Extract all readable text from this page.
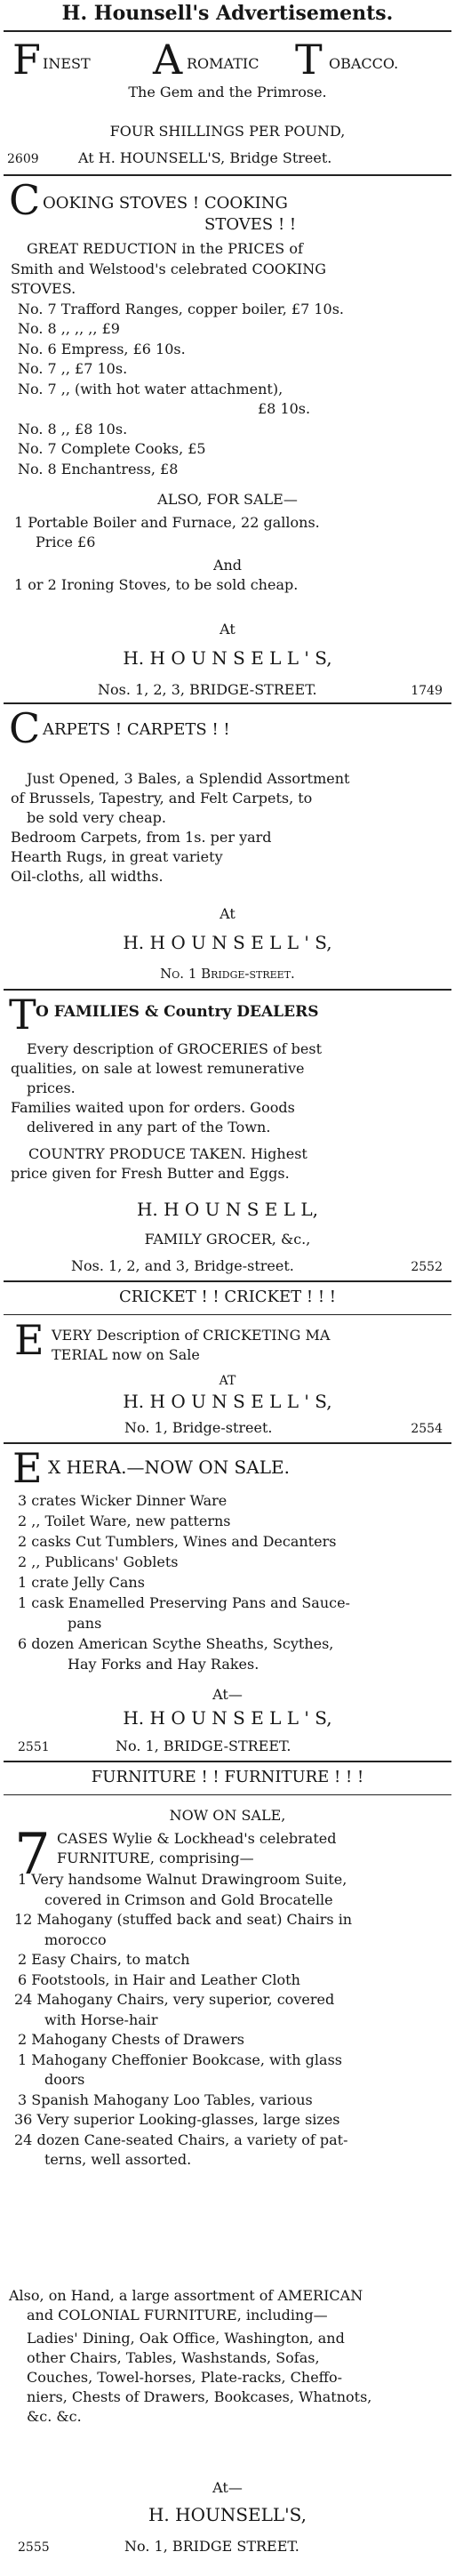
H. Hounsell's Advertisements.
F INEST A ROMATIC T OBACCO.
The Gem and the Primrose.
FOUR SHILLINGS PER POUND,
2609	At H. HOUNSELL'S, Bridge Street.
C OOKING STOVES ! COOKING
STOVES ! !
GREAT REDUCTION in the PRICES of
Smith and Welstood's celebrated COOKING
STOVES.
No. 7 Trafford Ranges, copper boiler, £7 10s.
No. 8 ,, ,, ,, £9
No. 6 Empress, £6 10s.
No. 7 ,, £7 10s.
No. 7 ,, (with hot water attachment),
£8 10s.
No. 8 ,, £8 10s.
No. 7 Complete Cooks, £5
No. 8 Enchantress, £8
ALSO, FOR SALE—
1 Portable Boiler and Furnace, 22 gallons.
Price £6
And
1 or 2 Ironing Stoves, to be sold cheap.
At
H. H O U N S E L L ' S,
Nos. 1, 2, 3, BRIDGE-STREET.	1749
C ARPETS ! CARPETS ! !
Just Opened, 3 Bales, a Splendid Assortment
of Brussels, Tapestry, and Felt Carpets, to
be sold very cheap.
Bedroom Carpets, from 1s. per yard
Hearth Rugs, in great variety
Oil-cloths, all widths.
At
H. H O U N S E L L ' S,
No. 1 Bridge-street.
T O FAMILIES & Country DEALERS
Every description of GROCERIES of best
qualities, on sale at lowest remunerative
prices.
Families waited upon for orders. Goods
delivered in any part of the Town.
COUNTRY PRODUCE TAKEN. Highest
price given for Fresh Butter and Eggs.
H. H O U N S E L L,
FAMILY GROCER, &c.,
Nos. 1, 2, and 3, Bridge-street.	2552
CRICKET ! ! CRICKET ! ! !
E VERY Description of CRICKETING MA
TERIAL now on Sale
AT
H. H O U N S E L L ' S,
No. 1, Bridge-street.	2554
E X HERA.—NOW ON SALE.
3 crates Wicker Dinner Ware
2 ,, Toilet Ware, new patterns
2 casks Cut Tumblers, Wines and Decanters
2 ,, Publicans' Goblets
1 crate Jelly Cans
1 cask Enamelled Preserving Pans and Sauce-
pans
6 dozen American Scythe Sheaths, Scythes,
Hay Forks and Hay Rakes.
At—
H. H O U N S E L L ' S,
2551	No. 1, BRIDGE-STREET.
FURNITURE ! ! FURNITURE ! ! !
NOW ON SALE,
7 CASES Wylie & Lockhead's celebrated
FURNITURE, comprising—
1 Very handsome Walnut Drawingroom Suite,
covered in Crimson and Gold Brocatelle
12 Mahogany (stuffed back and seat) Chairs in
morocco
2 Easy Chairs, to match
6 Footstools, in Hair and Leather Cloth
24 Mahogany Chairs, very superior, covered
with Horse-hair
2 Mahogany Chests of Drawers
1 Mahogany Cheffonier Bookcase, with glass
doors
3 Spanish Mahogany Loo Tables, various
36 Very superior Looking-glasses, large sizes
24 dozen Cane-seated Chairs, a variety of pat-
terns, well assorted.
Also, on Hand, a large assortment of AMERICAN
and COLONIAL FURNITURE, including—
Ladies' Dining, Oak Office, Washington, and
other Chairs, Tables, Washstands, Sofas,
Couches, Towel-horses, Plate-racks, Cheffo-
niers, Chests of Drawers, Bookcases, Whatnots,
&c. &c.
At—
H. HOUNSELL'S,
2555	No. 1, BRIDGE STREET.
